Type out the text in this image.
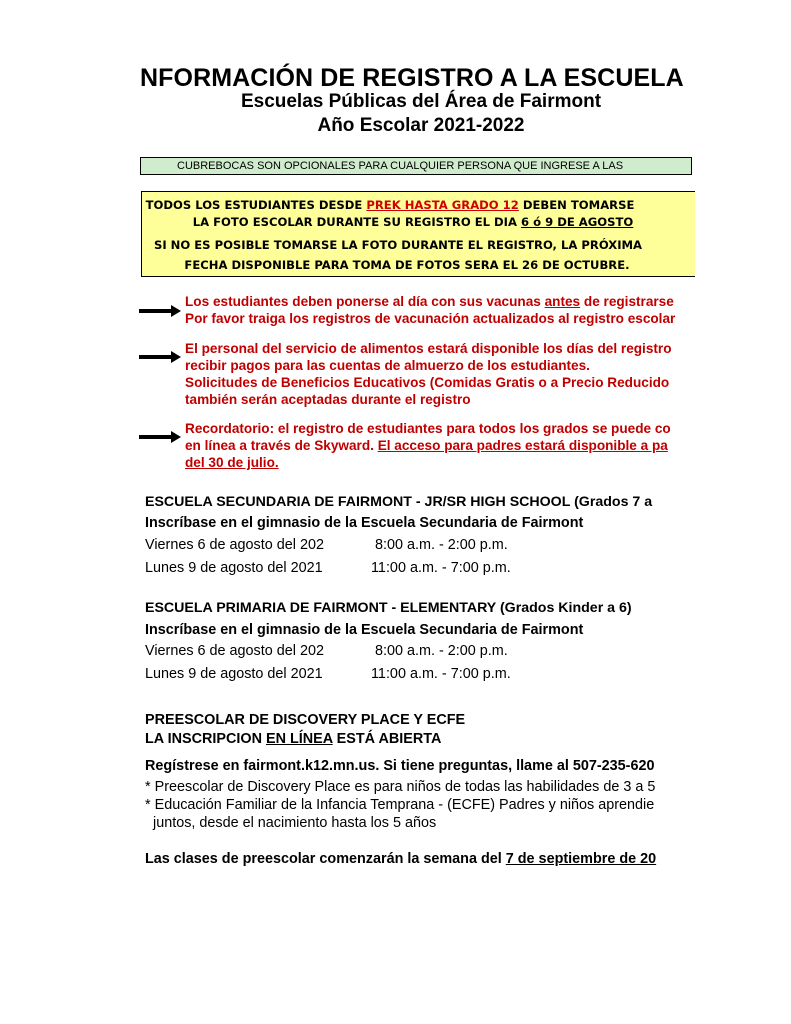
NFORMACIÓN DE REGISTRO A LA ESCUELA
Escuelas Públicas del Área de Fairmont
Año Escolar 2021-2022
CUBREBOCAS SON OPCIONALES PARA CUALQUIER PERSONA QUE INGRESE A LAS
TODOS LOS ESTUDIANTES DESDE PREK HASTA GRADO 12 DEBEN TOMARSE
LA FOTO ESCOLAR DURANTE SU REGISTRO EL DIA 6 ó 9 DE AGOSTO
SI NO ES POSIBLE TOMARSE LA FOTO DURANTE EL REGISTRO, LA PRÓXIMA
FECHA DISPONIBLE PARA TOMA DE FOTOS SERA EL 26 DE OCTUBRE.
Los estudiantes deben ponerse al día con sus vacunas antes de registrarse
Por favor traiga los registros de vacunación actualizados al registro escolar
El personal del servicio de alimentos estará disponible los días del registro
recibir pagos para las cuentas de almuerzo de los estudiantes.
Solicitudes de Beneficios Educativos (Comidas Gratis o a Precio Reducido
también serán aceptadas durante el registro
Recordatorio: el registro de estudiantes para todos los grados se puede co
en línea a través de Skyward. El acceso para padres estará disponible a pa
del 30 de julio.
ESCUELA SECUNDARIA DE FAIRMONT - JR/SR HIGH SCHOOL (Grados 7 a
Inscríbase en el gimnasio de la Escuela Secundaria de Fairmont
Viernes 6 de agosto del 202	8:00 a.m. - 2:00 p.m.
Lunes 9 de agosto del 2021	11:00 a.m. - 7:00 p.m.
ESCUELA PRIMARIA DE FAIRMONT - ELEMENTARY (Grados Kinder a 6)
Inscríbase en el gimnasio de la Escuela Secundaria de Fairmont
Viernes 6 de agosto del 202	8:00 a.m. - 2:00 p.m.
Lunes 9 de agosto del 2021	11:00 a.m. - 7:00 p.m.
PREESCOLAR DE DISCOVERY PLACE Y ECFE
LA INSCRIPCION EN LÍNEA ESTÁ ABIERTA
Regístrese en fairmont.k12.mn.us. Si tiene preguntas, llame al 507-235-620
* Preescolar de Discovery Place es para niños de todas las habilidades de 3 a 5
* Educación Familiar de la Infancia Temprana - (ECFE) Padres y niños aprendie
juntos, desde el nacimiento hasta los 5 años
Las clases de preescolar comenzarán la semana del 7 de septiembre de 20
